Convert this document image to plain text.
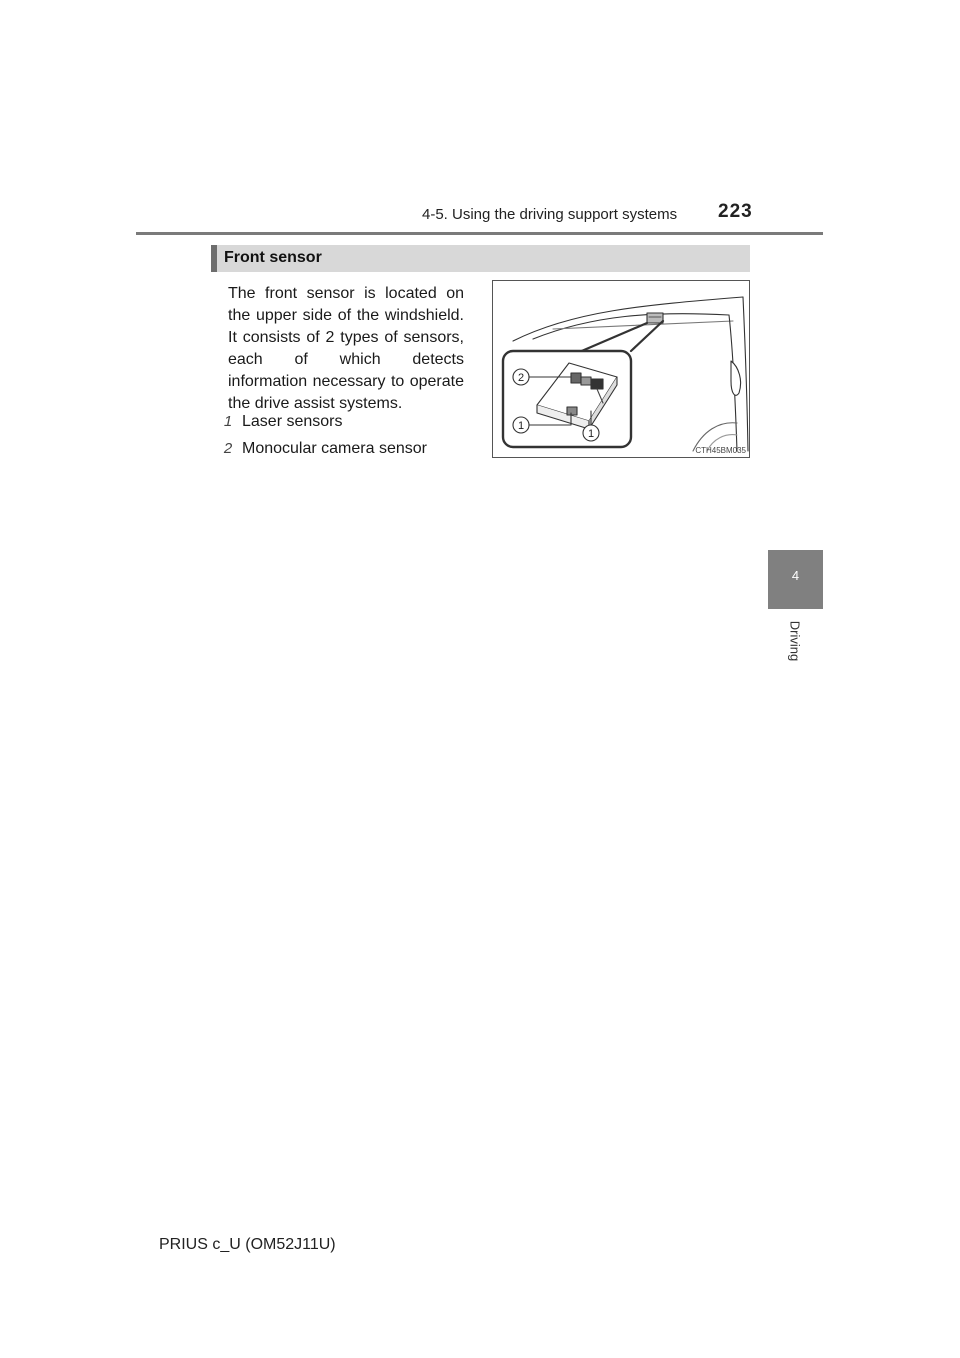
4-5. Using the driving support systems 223
4
Driving
Front sensor
The front sensor is located on the upper side of the windshield. It consists of 2 types of sensors, each of which detects information necessary to operate the drive assist systems.
1 Laser sensors
2 Monocular camera sensor
2
1
1
CTH45BM035
PRIUS c_U (OM52J11U)
